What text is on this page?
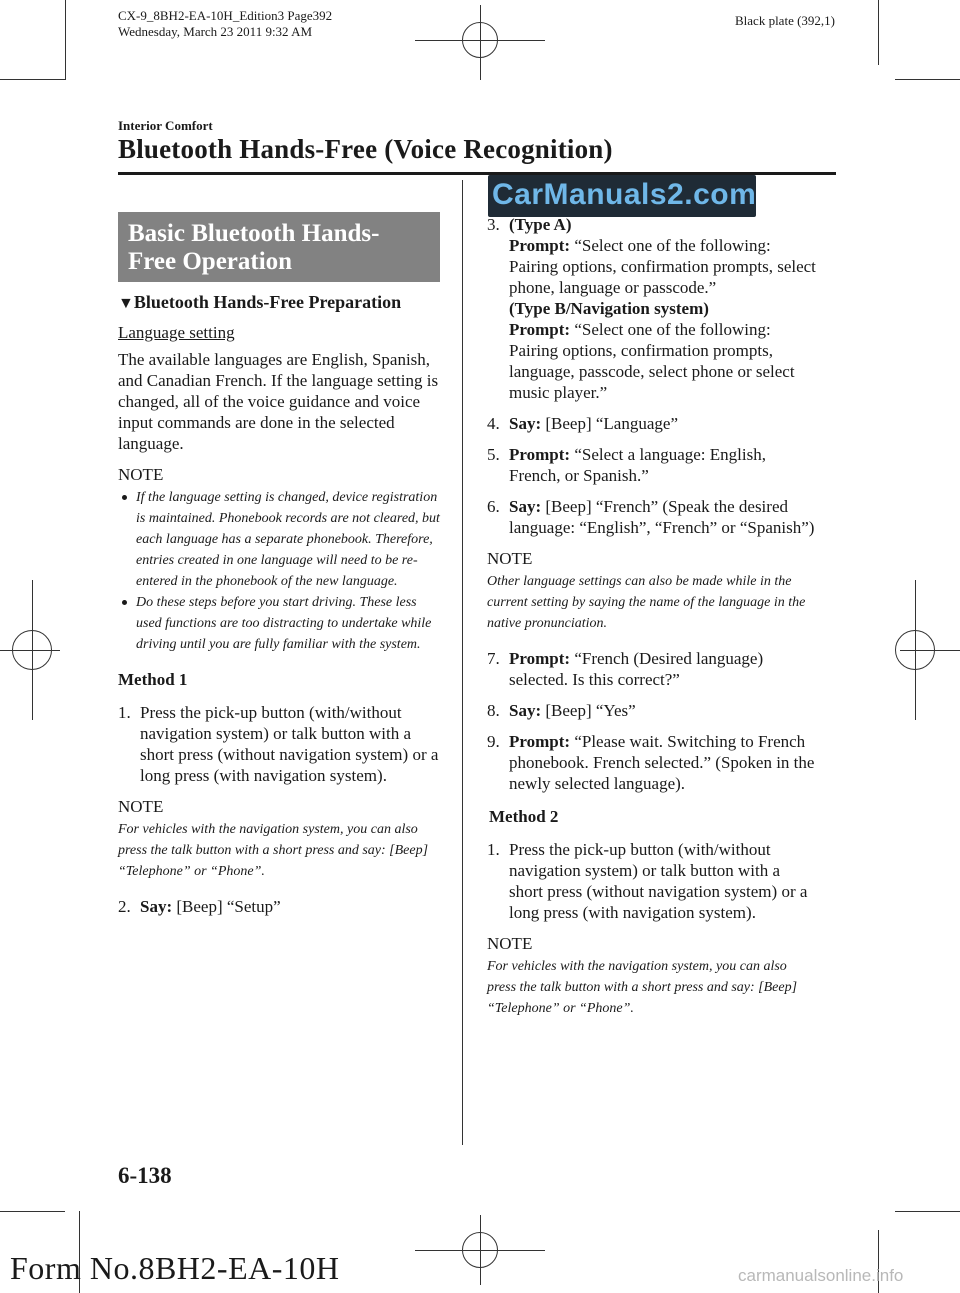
CX-9_8BH2-EA-10H_Edition3 Page392
Wednesday, March 23 2011 9:32 AM
Black plate (392,1)
Interior Comfort
Bluetooth Hands-Free (Voice Recognition)
CarManuals2.com
Basic Bluetooth Hands-
Free Operation
▼Bluetooth Hands-Free Preparation
Language setting

The available languages are English, Spanish, and Canadian French. If the language setting is changed, all of the voice guidance and voice input commands are done in the selected language.

NOTE
If the language setting is changed, device registration is maintained. Phonebook records are not cleared, but each language has a separate phonebook. Therefore, entries created in one language will need to be re-entered in the phonebook of the new language.
Do these steps before you start driving. These less used functions are too distracting to undertake while driving until you are fully familiar with the system.
Method 1
1. Press the pick-up button (with/without navigation system) or talk button with a short press (without navigation system) or a long press (with navigation system).
NOTE

For vehicles with the navigation system, you can also press the talk button with a short press and say: [Beep] “Telephone” or “Phone”.

2. Say: [Beep] “Setup”
3. (Type A)
Prompt: “Select one of the following: Pairing options, confirmation prompts, select phone, language or passcode.”
(Type B/Navigation system)
Prompt: “Select one of the following: Pairing options, confirmation prompts, language, passcode, select phone or select music player.”
4. Say: [Beep] “Language”
5. Prompt: “Select a language: English, French, or Spanish.”
6. Say: [Beep] “French” (Speak the desired language: “English”, “French” or “Spanish”)
NOTE

Other language settings can also be made while in the current setting by saying the name of the language in the native pronunciation.

7. Prompt: “French (Desired language) selected. Is this correct?”
8. Say: [Beep] “Yes”
9. Prompt: “Please wait. Switching to French phonebook. French selected.” (Spoken in the newly selected language).
Method 2
1. Press the pick-up button (with/without navigation system) or talk button with a short press (without navigation system) or a long press (with navigation system).
NOTE

For vehicles with the navigation system, you can also press the talk button with a short press and say: [Beep] “Telephone” or “Phone”.

6-138
Form No.8BH2-EA-10H	carmanualsonline.info
